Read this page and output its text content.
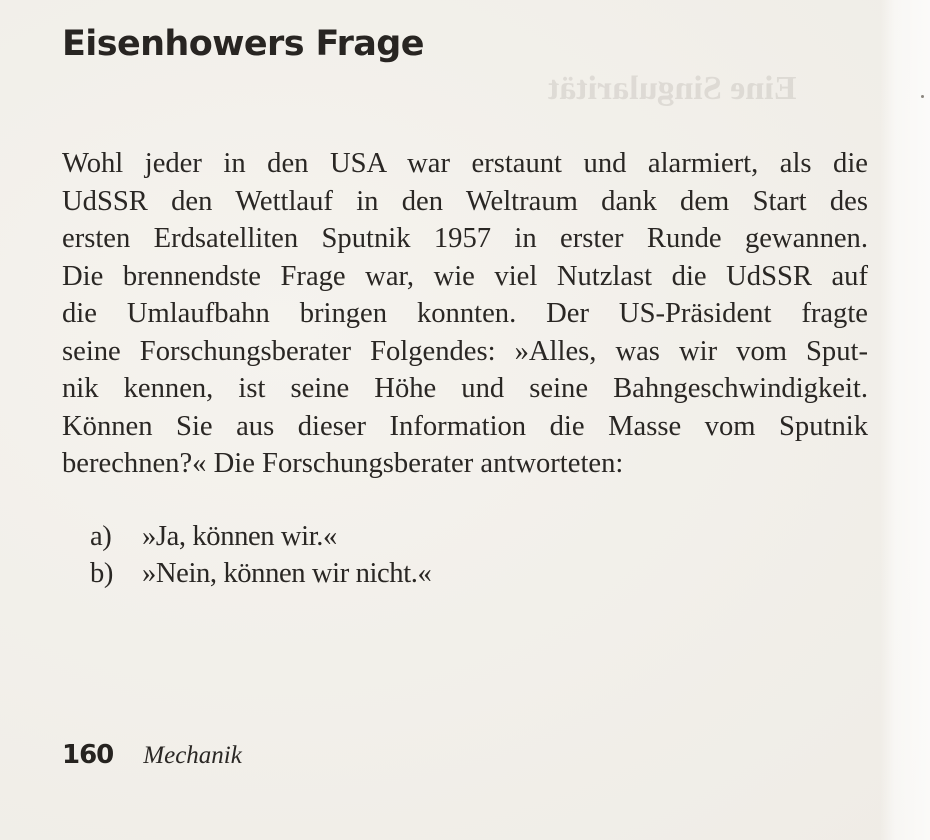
Eine Singularität
Eisenhowers Frage

Wohl jeder in den USA war erstaunt und alarmiert, als die
UdSSR den Wettlauf in den Weltraum dank dem Start des
ersten Erdsatelliten Sputnik 1957 in erster Runde gewannen.
Die brennendste Frage war, wie viel Nutzlast die UdSSR auf
die Umlaufbahn bringen konnten. Der US-Präsident fragte
seine Forschungsberater Folgendes: »Alles, was wir vom Sput-
nik kennen, ist seine Höhe und seine Bahngeschwindigkeit.
Können Sie aus dieser Information die Masse vom Sputnik
berechnen?« Die Forschungsberater antworteten:

a)	»Ja, können wir.«
b)	»Nein, können wir nicht.«
160 Mechanik
